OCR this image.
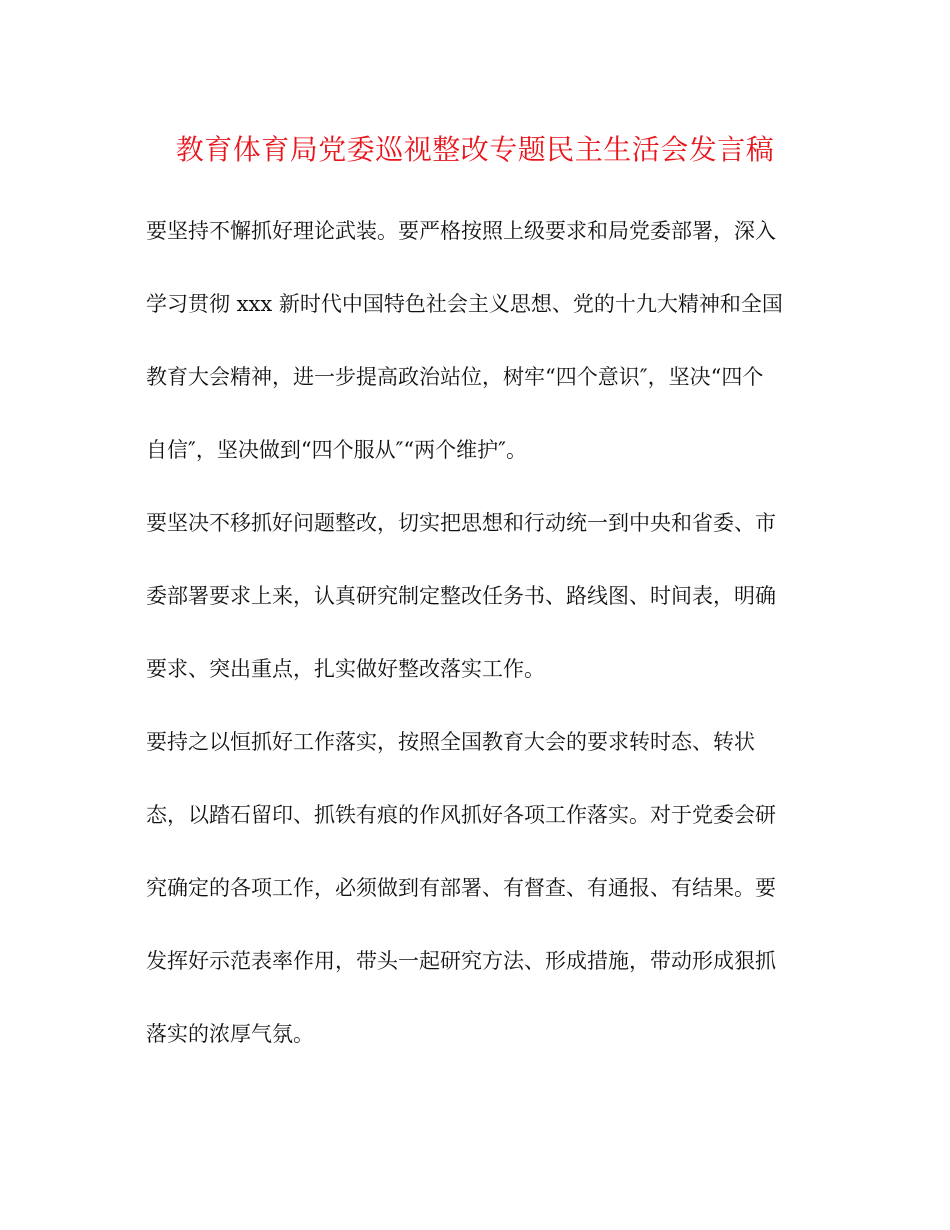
教育体育局党委巡视整改专题民主生活会发言稿
要坚持不懈抓好理论武装。要严格按照上级要求和局党委部署，深入
学习贯彻 xxx 新时代中国特色社会主义思想、党的十九大精神和全国
教育大会精神，进一步提高政治站位，树牢“四个意识″，坚决“四个
自信″，坚决做到“四个服从″“两个维护″。
要坚决不移抓好问题整改，切实把思想和行动统一到中央和省委、市
委部署要求上来，认真研究制定整改任务书、路线图、时间表，明确
要求、突出重点，扎实做好整改落实工作。
要持之以恒抓好工作落实，按照全国教育大会的要求转时态、转状
态，以踏石留印、抓铁有痕的作风抓好各项工作落实。对于党委会研
究确定的各项工作，必须做到有部署、有督查、有通报、有结果。要
发挥好示范表率作用，带头一起研究方法、形成措施，带动形成狠抓
落实的浓厚气氛。
